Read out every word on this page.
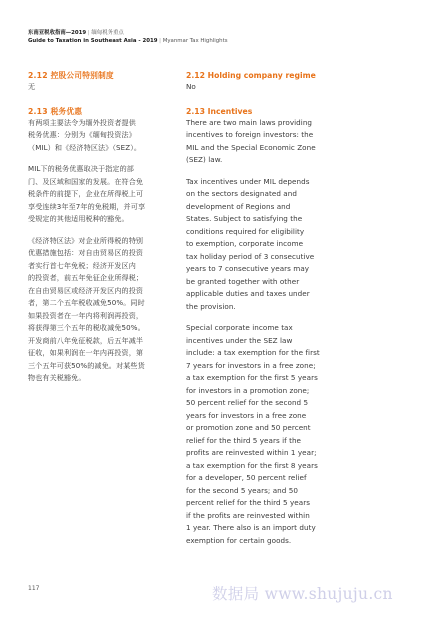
东南亚税收指南—2019 | 缅甸税务重点
Guide to Taxation in Southeast Asia - 2019 | Myanmar Tax Highlights
2.12 控股公司特别制度

无

2.13 税务优惠

有两项主要法令为缅外投资者提供
税务优惠：分别为《缅甸投资法》
（MIL）和《经济特区法》（SEZ）。

MIL下的税务优惠取决于指定的部
门、及区域和国家的发展。在符合免
税条件的前提下，企业在所得税上可
享受连续3年至7年的免税期，并可享
受规定的其他适用税种的豁免。

《经济特区法》对企业所得税的特别
优惠措施包括：对自由贸易区的投资
者实行首七年免税；经济开发区内
的投资者，前五年免征企业所得税；
在自由贸易区或经济开发区内的投资
者，第二个五年税收减免50%。同时
如果投资者在一年内将利润再投资，
将获得第三个五年的税收减免50%。
开发商前八年免征税款，后五年减半
征收，如果利润在一年内再投资，第
三个五年可获50%的减免。对某些货
物也有关税豁免。

2.12 Holding company regime

No

2.13 Incentives

There are two main laws providing
incentives to foreign investors: the
MIL and the Special Economic Zone
(SEZ) law.

Tax incentives under MIL depends
on the sectors designated and
development of Regions and
States. Subject to satisfying the
conditions required for eligibility
to exemption, corporate income
tax holiday period of 3 consecutive
years to 7 consecutive years may
be granted together with other
applicable duties and taxes under
the provision.

Special corporate income tax
incentives under the SEZ law
include: a tax exemption for the first
7 years for investors in a free zone;
a tax exemption for the first 5 years
for investors in a promotion zone;
50 percent relief for the second 5
years for investors in a free zone
or promotion zone and 50 percent
relief for the third 5 years if the
profits are reinvested within 1 year;
a tax exemption for the first 8 years
for a developer, 50 percent relief
for the second 5 years; and 50
percent relief for the third 5 years
if the profits are reinvested within
1 year. There also is an import duty
exemption for certain goods.

117	数据局 www.shujuju.cn
